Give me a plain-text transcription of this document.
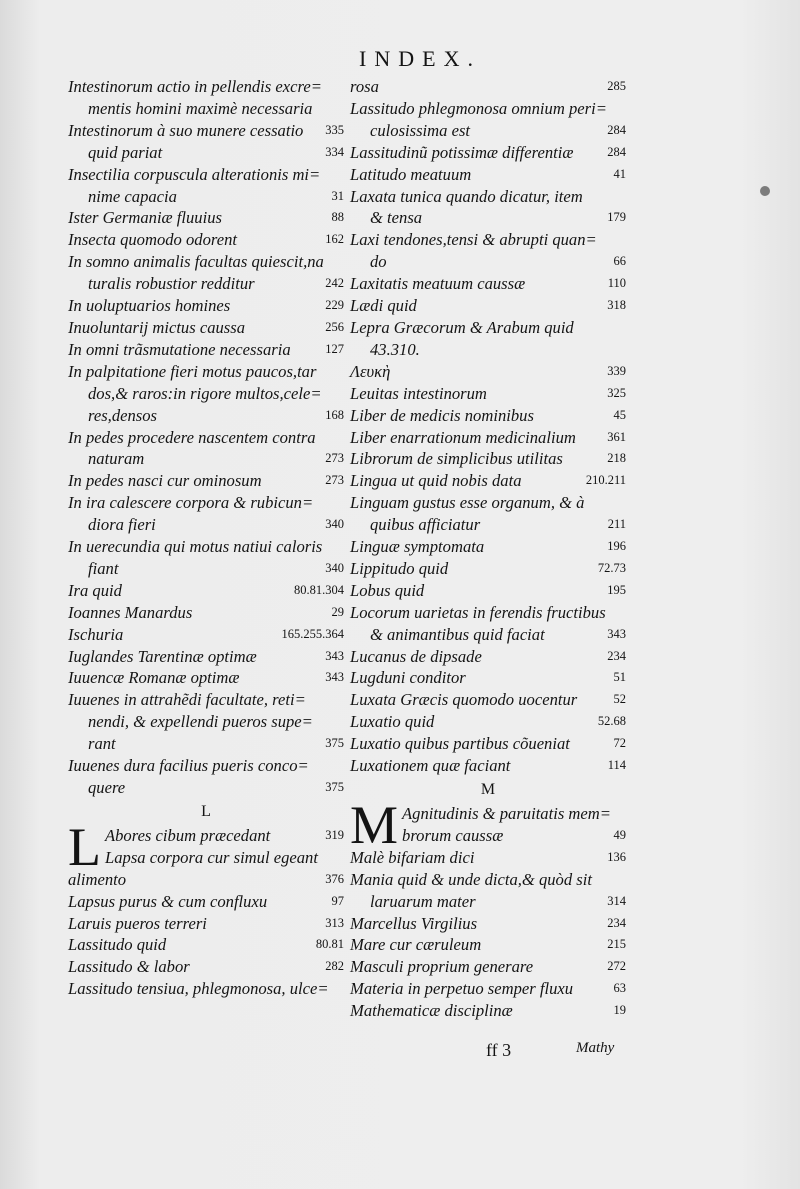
INDEX.
Intestinorum actio in pellendis excre=
mentis homini maximè necessaria
335
Intestinorum à suo munere cessatio
334
quid pariat
Insectilia corpuscula alterationis mi=
31
nime capacia
88
Ister Germaniæ fluuius
162
Insecta quomodo odorent
In somno animalis facultas quiescit,na
242
turalis robustior redditur
229
In uoluptuarios homines
256
Inuoluntarij mictus caussa
127
In omni trãsmutatione necessaria
In palpitatione fieri motus paucos,tar
dos,& raros:in rigore multos,cele=
168
res,densos
In pedes procedere nascentem contra
273
naturam
273
In pedes nasci cur ominosum
In ira calescere corpora & rubicun=
340
diora fieri
In uerecundia qui motus natiui caloris
340
fiant
80.81.304
Ira quid
29
Ioannes Manardus
165.255.364
Ischuria
343
Iuglandes Tarentinæ optimæ
343
Iuuencæ Romanæ optimæ
Iuuenes in attrahẽdi facultate, reti=
nendi, & expellendi pueros supe=
375
rant
Iuuenes dura facilius pueris conco=
375
quere
L
L	319
Abores cibum præcedant
Lapsa corpora cur simul egeant
376
alimento
97
Lapsus purus & cum confluxu
313
Laruis pueros terreri
80.81
Lassitudo quid
282
Lassitudo & labor
Lassitudo tensiua, phlegmonosa, ulce=
285
rosa
Lassitudo phlegmonosa omnium peri=
284
culosissima est
284
Lassitudinũ potissimæ differentiæ
41
Latitudo meatuum
Laxata tunica quando dicatur, item
179
& tensa
Laxi tendones,tensi & abrupti quan=
66
do
110
Laxitatis meatuum caussæ
318
Lædi quid
Lepra Græcorum & Arabum quid
43.310.
339
Λευκὴ
325
Leuitas intestinorum
45
Liber de medicis nominibus
361
Liber enarrationum medicinalium
218
Librorum de simplicibus utilitas
210.211
Lingua ut quid nobis data
Linguam gustus esse organum, & à
211
quibus afficiatur
196
Linguæ symptomata
72.73
Lippitudo quid
195
Lobus quid
Locorum uarietas in ferendis fructibus
343
& animantibus quid faciat
234
Lucanus de dipsade
51
Lugduni conditor
52
Luxata Græcis quomodo uocentur
52.68
Luxatio quid
72
Luxatio quibus partibus cõueniat
114
Luxationem quæ faciant
M
M Agnitudinis & paruitatis mem=
49
brorum caussæ
136
Malè bifariam dici
Mania quid & unde dicta,& quòd sit
314
laruarum mater
234
Marcellus Virgilius
215
Mare cur cæruleum
272
Masculi proprium generare
63
Materia in perpetuo semper fluxu
19
Mathematicæ disciplinæ
ff 3	Mathy
